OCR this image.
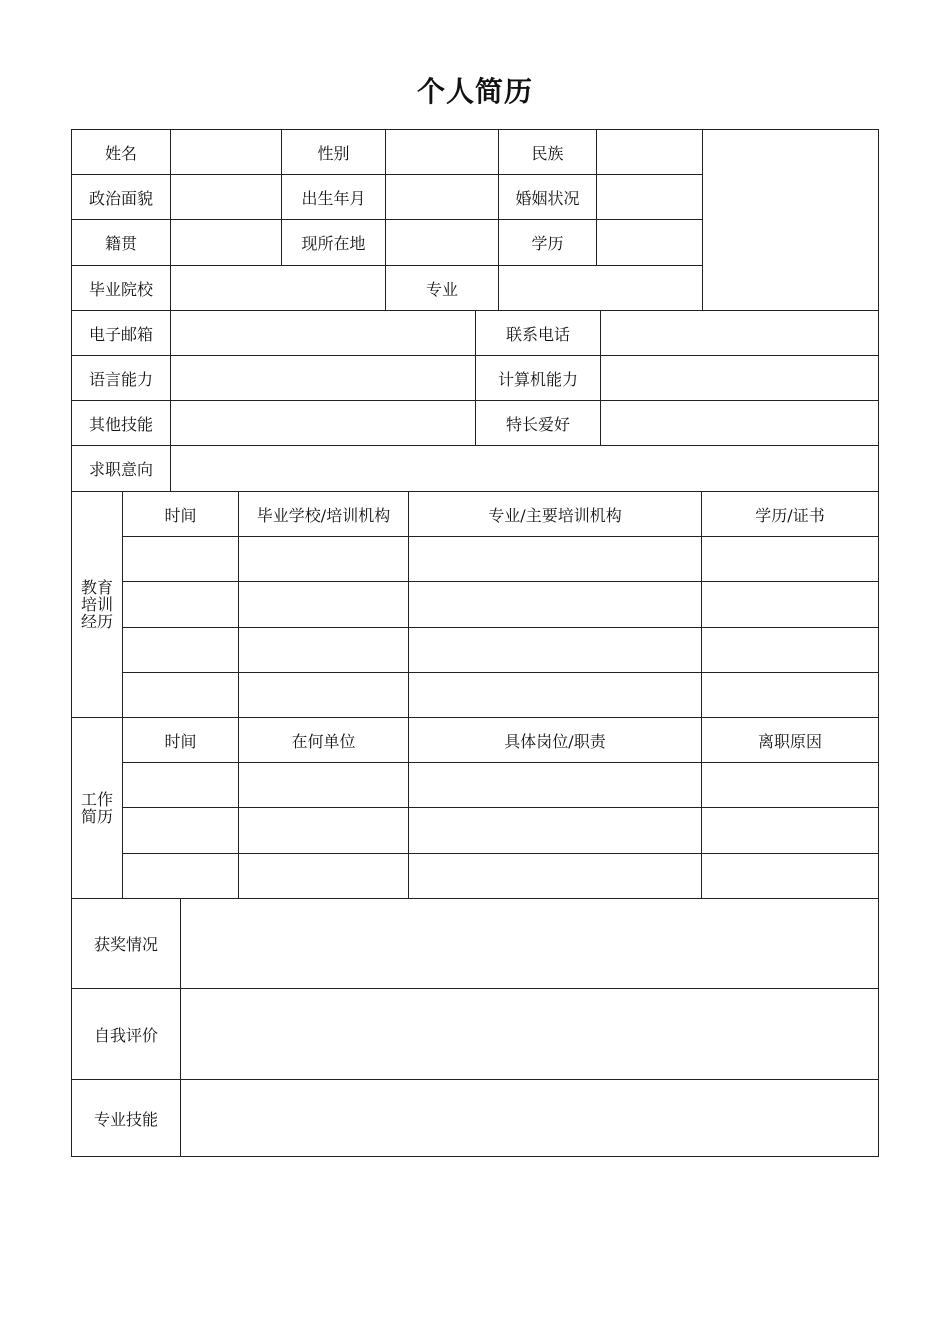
个人简历
姓名	性别	民族
政治面貌	出生年月	婚姻状况
籍贯	现所在地	学历
毕业院校	专业
电子邮箱	联系电话
语言能力	计算机能力
其他技能	特长爱好
求职意向
教育培训经历
时间	毕业学校/培训机构	专业/主要培训机构	学历/证书
工作简历
时间	在何单位	具体岗位/职责	离职原因
获奖情况
自我评价
专业技能
